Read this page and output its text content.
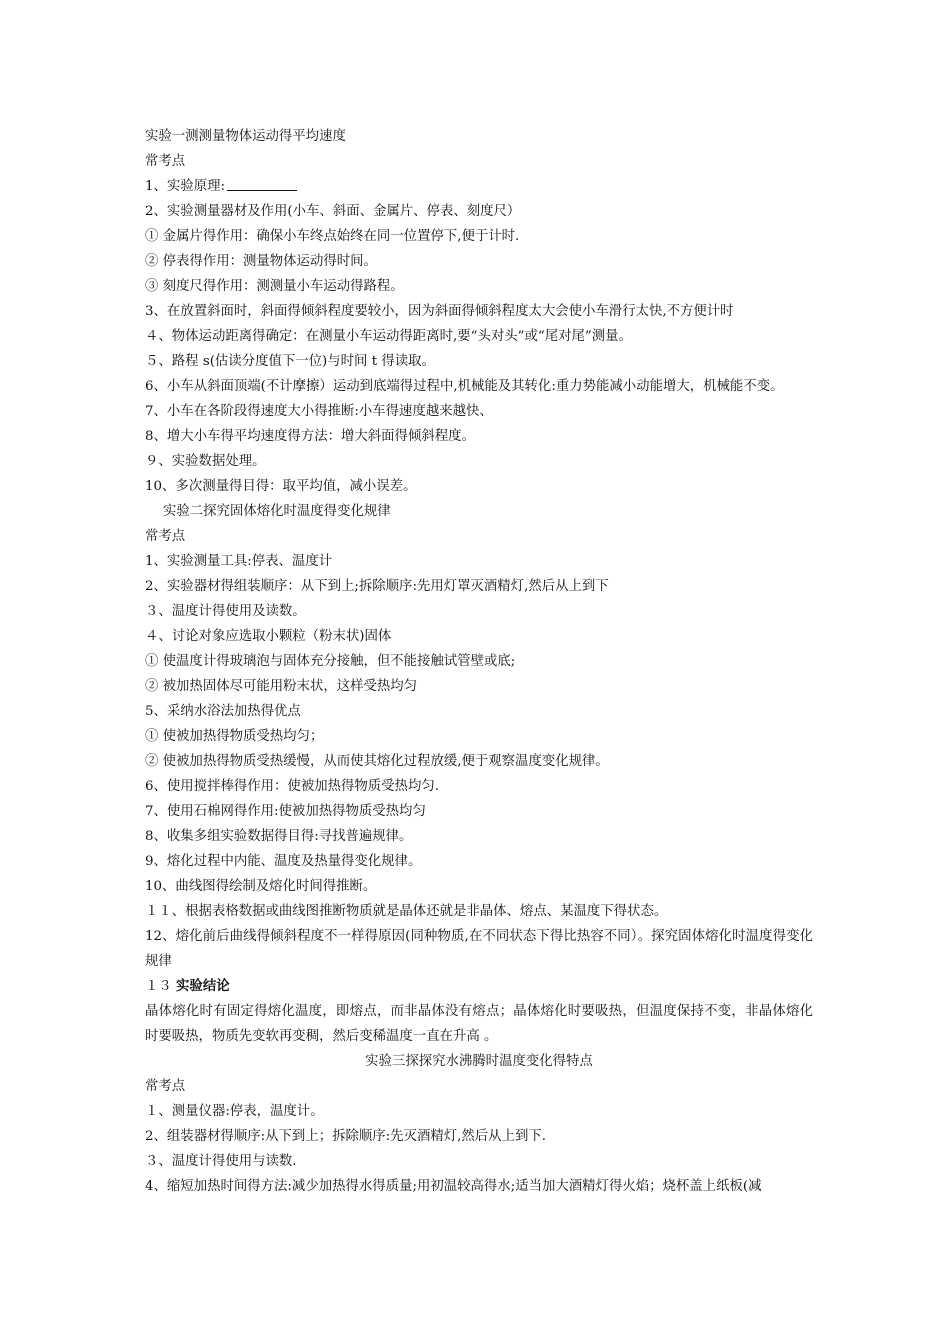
实验一测测量物体运动得平均速度
常考点
1、实验原理:
2、实验测量器材及作用(小车、斜面、金属片、停表、刻度尺）
① 金属片得作用：确保小车终点始终在同一位置停下,便于计时.
② 停表得作用：测量物体运动得时间。
③ 刻度尺得作用：测测量小车运动得路程。
3、在放置斜面时，斜面得倾斜程度要较小，因为斜面得倾斜程度太大会使小车滑行太快,不方便计时
４、物体运动距离得确定：在测量小车运动得距离时,要“头对头”或“尾对尾”测量。
５、路程 s(估读分度值下一位)与时间 t 得读取。
6、小车从斜面顶端(不计摩擦）运动到底端得过程中,机械能及其转化:重力势能减小动能增大，机械能不变。
7、小车在各阶段得速度大小得推断:小车得速度越来越快、
8、增大小车得平均速度得方法：增大斜面得倾斜程度。
９、实验数据处理。
10、多次测量得目得：取平均值，减小误差。
实验二探究固体熔化时温度得变化规律
常考点
1、实验测量工具:停表、温度计
2、实验器材得组装顺序：从下到上;拆除顺序:先用灯罩灭酒精灯,然后从上到下
３、温度计得使用及读数。
４、讨论对象应选取小颗粒（粉末状)固体
① 使温度计得玻璃泡与固体充分接触，但不能接触试管壁或底;
② 被加热固体尽可能用粉末状，这样受热均匀
5、采纳水浴法加热得优点
① 使被加热得物质受热均匀；
② 使被加热得物质受热缓慢，从而使其熔化过程放缓,便于观察温度变化规律。
6、使用搅拌棒得作用：使被加热得物质受热均匀.
7、使用石棉网得作用:使被加热得物质受热均匀
8、收集多组实验数据得目得:寻找普遍规律。
9、熔化过程中内能、温度及热量得变化规律。
10、曲线图得绘制及熔化时间得推断。
１１、根据表格数据或曲线图推断物质就是晶体还就是非晶体、熔点、某温度下得状态。
12、熔化前后曲线得倾斜程度不一样得原因(同种物质,在不同状态下得比热容不同）。探究固体熔化时温度得变化规律
１３ 实验结论
晶体熔化时有固定得熔化温度，即熔点，而非晶体没有熔点；晶体熔化时要吸热，但温度保持不变，非晶体熔化时要吸热，物质先变软再变稠，然后变稀温度一直在升高 。
实验三探探究水沸腾时温度变化得特点
常考点
１、测量仪器:停表，温度计。
2、组装器材得顺序:从下到上；拆除顺序:先灭酒精灯,然后从上到下.
３、温度计得使用与读数.
4、缩短加热时间得方法:减少加热得水得质量;用初温较高得水;适当加大酒精灯得火焰；烧杯盖上纸板(减
